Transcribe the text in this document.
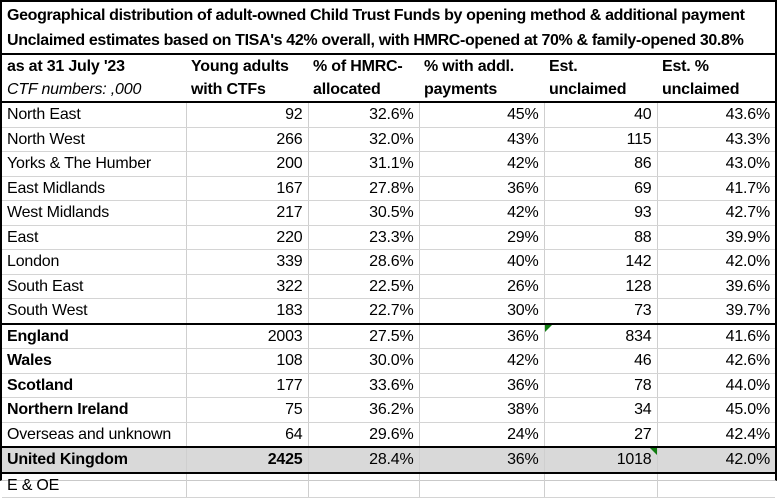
Geographical distribution of adult-owned Child Trust Funds by opening method & additional payment
Unclaimed estimates based on TISA's 42% overall, with HMRC-opened at 70% & family-opened 30.8%
as at 31 July '23	Young adults	% of HMRC-	% with addl.	Est.	Est. %
CTF numbers: ,000	with CTFs	allocated	payments	unclaimed	unclaimed
North East	92	32.6%	45%	40	43.6%
North West	266	32.0%	43%	115	43.3%
Yorks & The Humber	200	31.1%	42%	86	43.0%
East Midlands	167	27.8%	36%	69	41.7%
West Midlands	217	30.5%	42%	93	42.7%
East	220	23.3%	29%	88	39.9%
London	339	28.6%	40%	142	42.0%
South East	322	22.5%	26%	128	39.6%
South West	183	22.7%	30%	73	39.7%
England	2003	27.5%	36%	834	41.6%
Wales	108	30.0%	42%	46	42.6%
Scotland	177	33.6%	36%	78	44.0%
Northern Ireland	75	36.2%	38%	34	45.0%
Overseas and unknown	64	29.6%	24%	27	42.4%
United Kingdom	2425	28.4%	36%	1018	42.0%
E & OE					
